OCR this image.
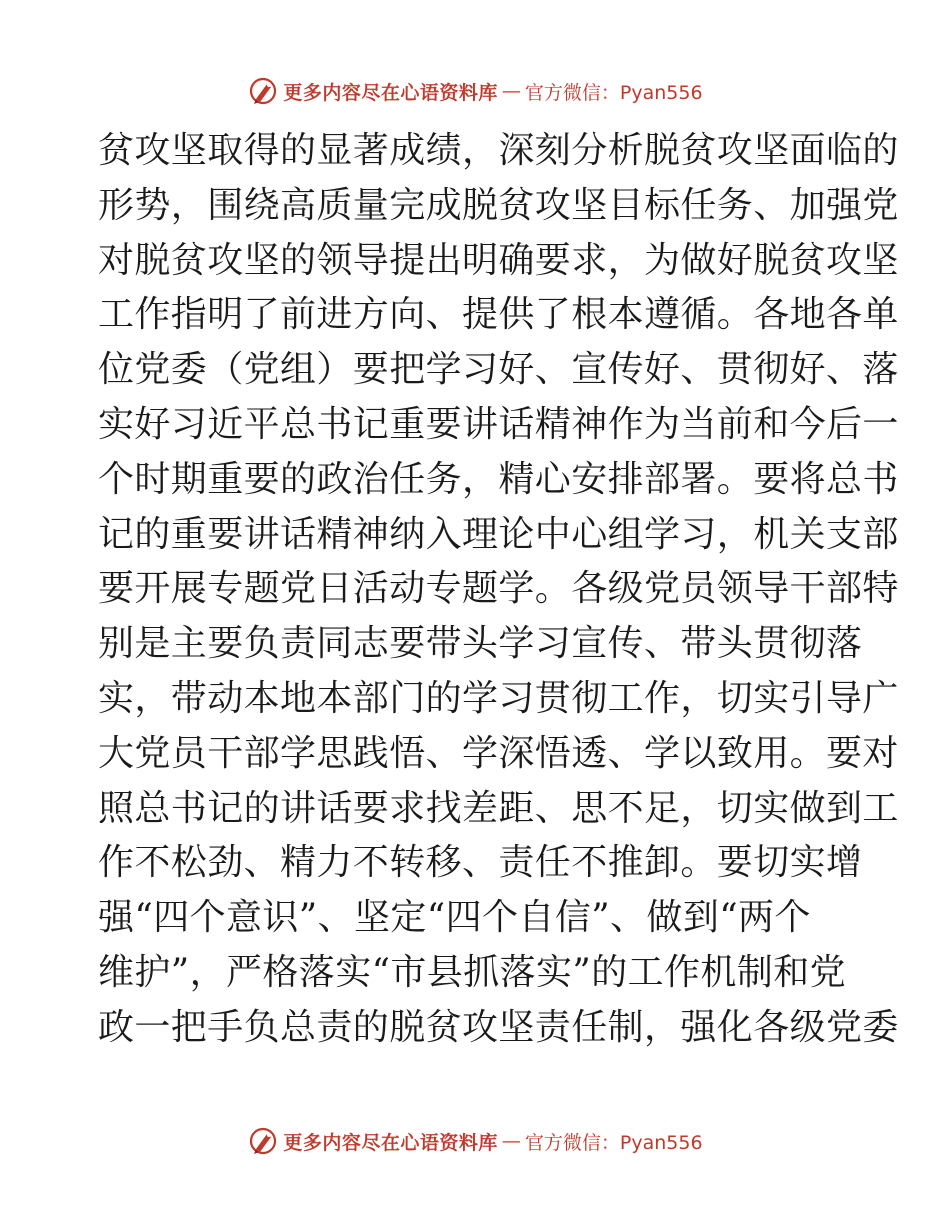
更多内容尽在心语资料库 — 官方微信：Pyan556
贫攻坚取得的显著成绩，深刻分析脱贫攻坚面临的
形势，围绕高质量完成脱贫攻坚目标任务、加强党
对脱贫攻坚的领导提出明确要求，为做好脱贫攻坚
工作指明了前进方向、提供了根本遵循。各地各单
位党委（党组）要把学习好、宣传好、贯彻好、落
实好习近平总书记重要讲话精神作为当前和今后一
个时期重要的政治任务，精心安排部署。要将总书
记的重要讲话精神纳入理论中心组学习，机关支部
要开展专题党日活动专题学。各级党员领导干部特
别是主要负责同志要带头学习宣传、带头贯彻落
实，带动本地本部门的学习贯彻工作，切实引导广
大党员干部学思践悟、学深悟透、学以致用。要对
照总书记的讲话要求找差距、思不足，切实做到工
作不松劲、精力不转移、责任不推卸。要切实增
强“四个意识”、坚定“四个自信”、做到“两个
维护”，严格落实“市县抓落实”的工作机制和党
政一把手负总责的脱贫攻坚责任制，强化各级党委
更多内容尽在心语资料库 — 官方微信：Pyan556
